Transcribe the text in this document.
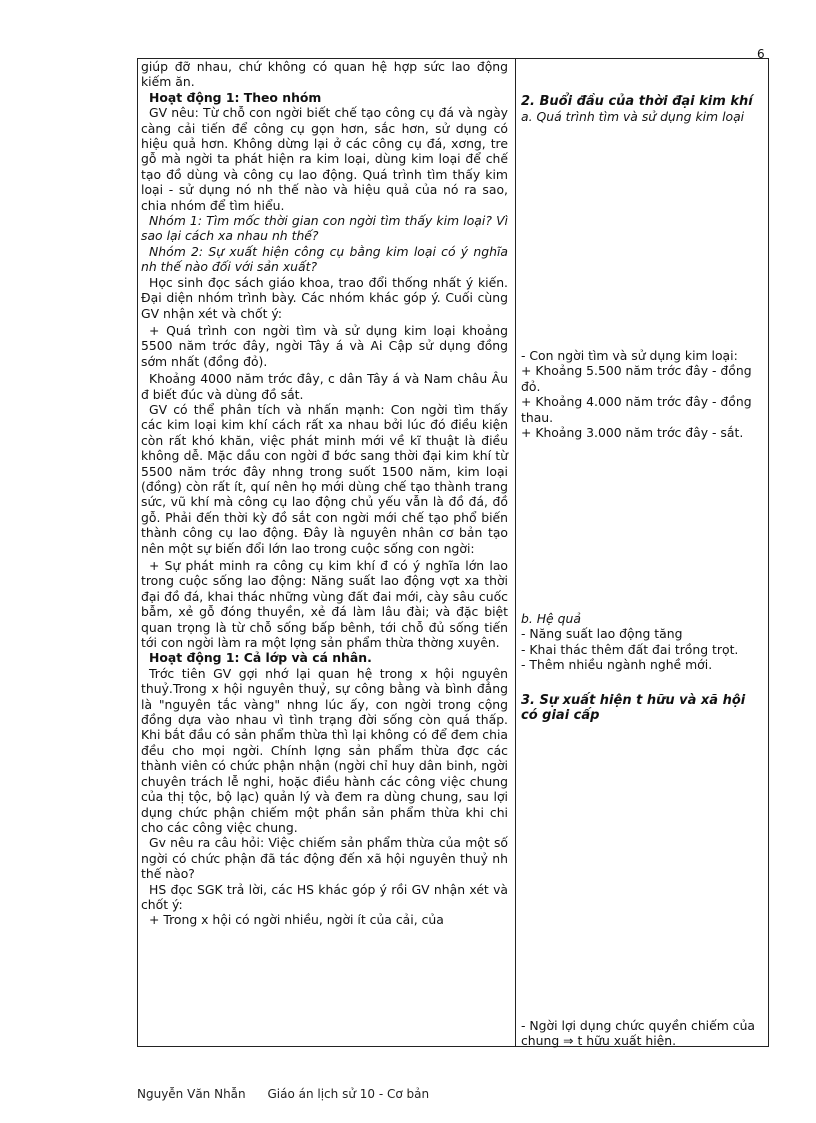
6

giúp đỡ nhau, chứ không có quan hệ hợp sức lao động kiếm ăn.

Hoạt động 1: Theo nhóm

GV nêu: Từ chỗ con ngời biết chế tạo công cụ đá và ngày càng cải tiến để công cụ gọn hơn, sắc hơn, sử dụng có hiệu quả hơn. Không dừng lại ở các công cụ đá, xơng, tre gỗ mà ngời ta phát hiện ra kim loại, dùng kim loại để chế tạo đồ dùng và công cụ lao động. Quá trình tìm thấy kim loại - sử dụng nó nh thế nào và hiệu quả của nó ra sao, chia nhóm để tìm hiểu.

Nhóm 1: Tìm mốc thời gian con ngời tìm thấy kim loại? Vì sao lại cách xa nhau nh thế?

Nhóm 2: Sự xuất hiện công cụ bằng kim loại có ý nghĩa nh thế nào đối với sản xuất?

Học sinh đọc sách giáo khoa, trao đổi thống nhất ý kiến. Đại diện nhóm trình bày. Các nhóm khác góp ý. Cuối cùng GV nhận xét và chốt ý:

+ Quá trình con ngời tìm và sử dụng kim loại khoảng 5500 năm trớc đây, ngời Tây á và Ai Cập sử dụng đồng sớm nhất (đồng đỏ).

Khoảng 4000 năm trớc đây, c dân Tây á và Nam châu Âu đ biết đúc và dùng đồ sắt.

GV có thể phân tích và nhấn mạnh: Con ngời tìm thấy các kim loại kim khí cách rất xa nhau bởi lúc đó điều kiện còn rất khó khăn, việc phát minh mới về kĩ thuật là điều không dễ. Mặc dầu con ngời đ bớc sang thời đại kim khí từ 5500 năm trớc đây nhng trong suốt 1500 năm, kim loại (đồng) còn rất ít, quí nên họ mới dùng chế tạo thành trang sức, vũ khí mà công cụ lao động chủ yếu vẫn là đồ đá, đồ gỗ. Phải đến thời kỳ đồ sắt con ngời mới chế tạo phổ biến thành công cụ lao động. Đây là nguyên nhân cơ bản tạo nên một sự biến đổi lớn lao trong cuộc sống con ngời:

+ Sự phát minh ra công cụ kim khí đ có ý nghĩa lớn lao trong cuộc sống lao động: Năng suất lao động vợt xa thời đại đồ đá, khai thác những vùng đất đai mới, cày sâu cuốc bẫm, xẻ gỗ đóng thuyền, xẻ đá làm lâu đài; và đặc biệt quan trọng là từ chỗ sống bấp bênh, tới chỗ đủ sống tiến tới con ngời làm ra một lợng sản phẩm thừa thờng xuyên.

Hoạt động 1: Cả lớp và cá nhân.

Trớc tiên GV gợi nhớ lại quan hệ trong x hội nguyên thuỷ.Trong x hội nguyên thuỷ, sự công bằng và bình đẳng là "nguyên tắc vàng" nhng lúc ấy, con ngời trong cộng đồng dựa vào nhau vì tình trạng đời sống còn quá thấp. Khi bắt đầu có sản phẩm thừa thì lại không có để đem chia đều cho mọi ngời. Chính lợng sản phẩm thừa đợc các thành viên có chức phận nhận (ngời chỉ huy dân binh, ngời chuyên trách lễ nghi, hoặc điều hành các công việc chung của thị tộc, bộ lạc) quản lý và đem ra dùng chung, sau lợi dụng chức phận chiếm một phần sản phẩm thừa khi chi cho các công việc chung.

Gv nêu ra câu hỏi: Việc chiếm sản phẩm thừa của một số ngời có chức phận đã tác động đến xã hội nguyên thuỷ nh thế nào?

HS đọc SGK trả lời, các HS khác góp ý rồi GV nhận xét và chốt ý:

+ Trong x hội có ngời nhiều, ngời ít của cải, của

2. Buổi đầu của thời đại kim khí

a. Quá trình tìm và sử dụng kim loại

- Con ngời tìm và sử dụng kim loại:

+ Khoảng 5.500 năm trớc đây - đồng đỏ.

+ Khoảng 4.000 năm trớc đây - đồng thau.

+ Khoảng 3.000 năm trớc đây - sắt.

b. Hệ quả

- Năng suất lao động tăng

- Khai thác thêm đất đai trồng trọt.

- Thêm nhiều ngành nghề mới.

3. Sự xuất hiện t hữu và xã hội có giai cấp

- Ngời lợi dụng chức quyền chiếm của chung ⇒ t hữu xuất hiện.

Nguyễn Văn Nhẫn Giáo án lịch sử 10 - Cơ bản
